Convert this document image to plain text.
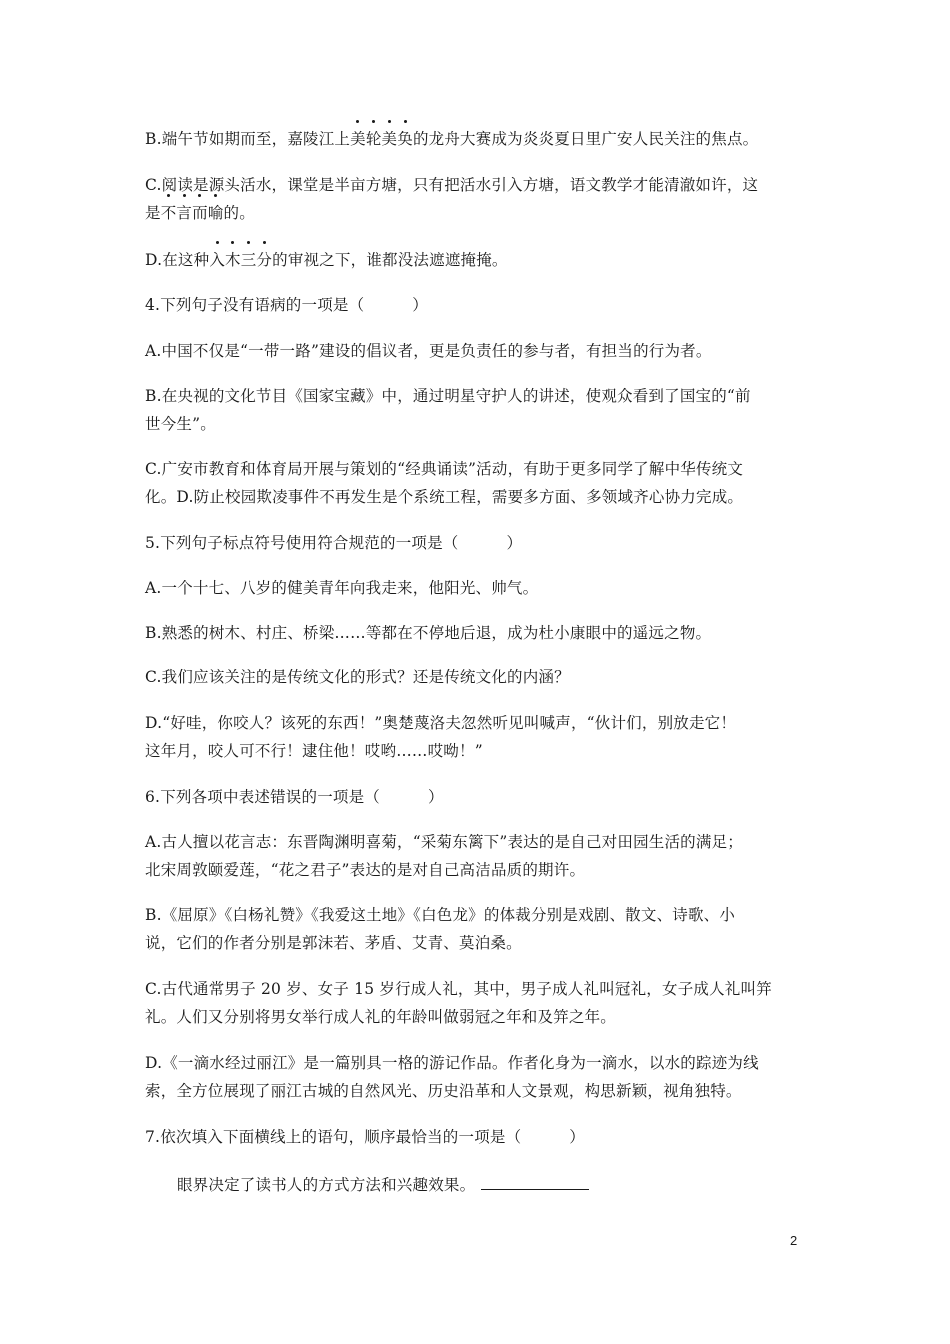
B.端午节如期而至，嘉陵江上美轮美奂的龙舟大赛成为炎炎夏日里广安人民关注的焦点。
C.阅读是源头活水，课堂是半亩方塘，只有把活水引入方塘，语文教学才能清澈如许，这
是不言而喻的。
D.在这种入木三分的审视之下，谁都没法遮遮掩掩。
4.下列句子没有语病的一项是（	）
A.中国不仅是“一带一路”建设的倡议者，更是负责任的参与者，有担当的行为者。
B.在央视的文化节目《国家宝藏》中，通过明星守护人的讲述，使观众看到了国宝的“前
世今生”。
C.广安市教育和体育局开展与策划的“经典诵读”活动，有助于更多同学了解中华传统文
化。D.防止校园欺凌事件不再发生是个系统工程，需要多方面、多领域齐心协力完成。
5.下列句子标点符号使用符合规范的一项是（	）
A.一个十七、八岁的健美青年向我走来，他阳光、帅气。
B.熟悉的树木、村庄、桥梁……等都在不停地后退，成为杜小康眼中的遥远之物。
C.我们应该关注的是传统文化的形式？还是传统文化的内涵？
D.“好哇，你咬人？该死的东西！”奥楚蔑洛夫忽然听见叫喊声，“伙计们，别放走它！
这年月，咬人可不行！逮住他！哎哟……哎呦！”
6.下列各项中表述错误的一项是（	）
A.古人擅以花言志：东晋陶渊明喜菊，“采菊东篱下”表达的是自己对田园生活的满足；
北宋周敦颐爱莲，“花之君子”表达的是对自己高洁品质的期许。
B.《屈原》《白杨礼赞》《我爱这土地》《白色龙》的体裁分别是戏剧、散文、诗歌、小
说，它们的作者分别是郭沫若、茅盾、艾青、莫泊桑。
C.古代通常男子 20 岁、女子 15 岁行成人礼，其中，男子成人礼叫冠礼，女子成人礼叫笄
礼。人们又分别将男女举行成人礼的年龄叫做弱冠之年和及笄之年。
D.《一滴水经过丽江》是一篇别具一格的游记作品。作者化身为一滴水，以水的踪迹为线
索，全方位展现了丽江古城的自然风光、历史沿革和人文景观，构思新颖，视角独特。
7.依次填入下面横线上的语句，顺序最恰当的一项是（	）
眼界决定了读书人的方式方法和兴趣效果。
2
